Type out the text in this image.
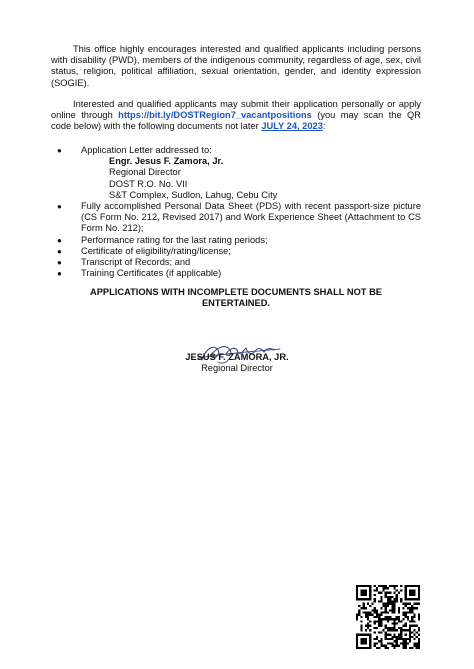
This office highly encourages interested and qualified applicants including persons with disability (PWD), members of the indigenous community, regardless of age, sex, civil status, religion, political affiliation, sexual orientation, gender, and identity expression (SOGIE).

Interested and qualified applicants may submit their application personally or apply online through https://bit.ly/DOSTRegion7_vacantpositions (you may scan the QR code below) with the following documents not later JULY 24, 2023:

● Application Letter addressed to:
Engr. Jesus F. Zamora, Jr.
Regional Director
DOST R.O. No. VII
S&T Complex, Sudlon, Lahug, Cebu City
● Fully accomplished Personal Data Sheet (PDS) with recent passport-size picture (CS Form No. 212, Revised 2017) and Work Experience Sheet (Attachment to CS Form No. 212);
● Performance rating for the last rating periods;
● Certificate of eligibility/rating/license;
● Transcript of Records; and
● Training Certificates (if applicable)
APPLICATIONS WITH INCOMPLETE DOCUMENTS SHALL NOT BE
ENTERTAINED.
JESUS F. ZAMORA, JR.
Regional Director
